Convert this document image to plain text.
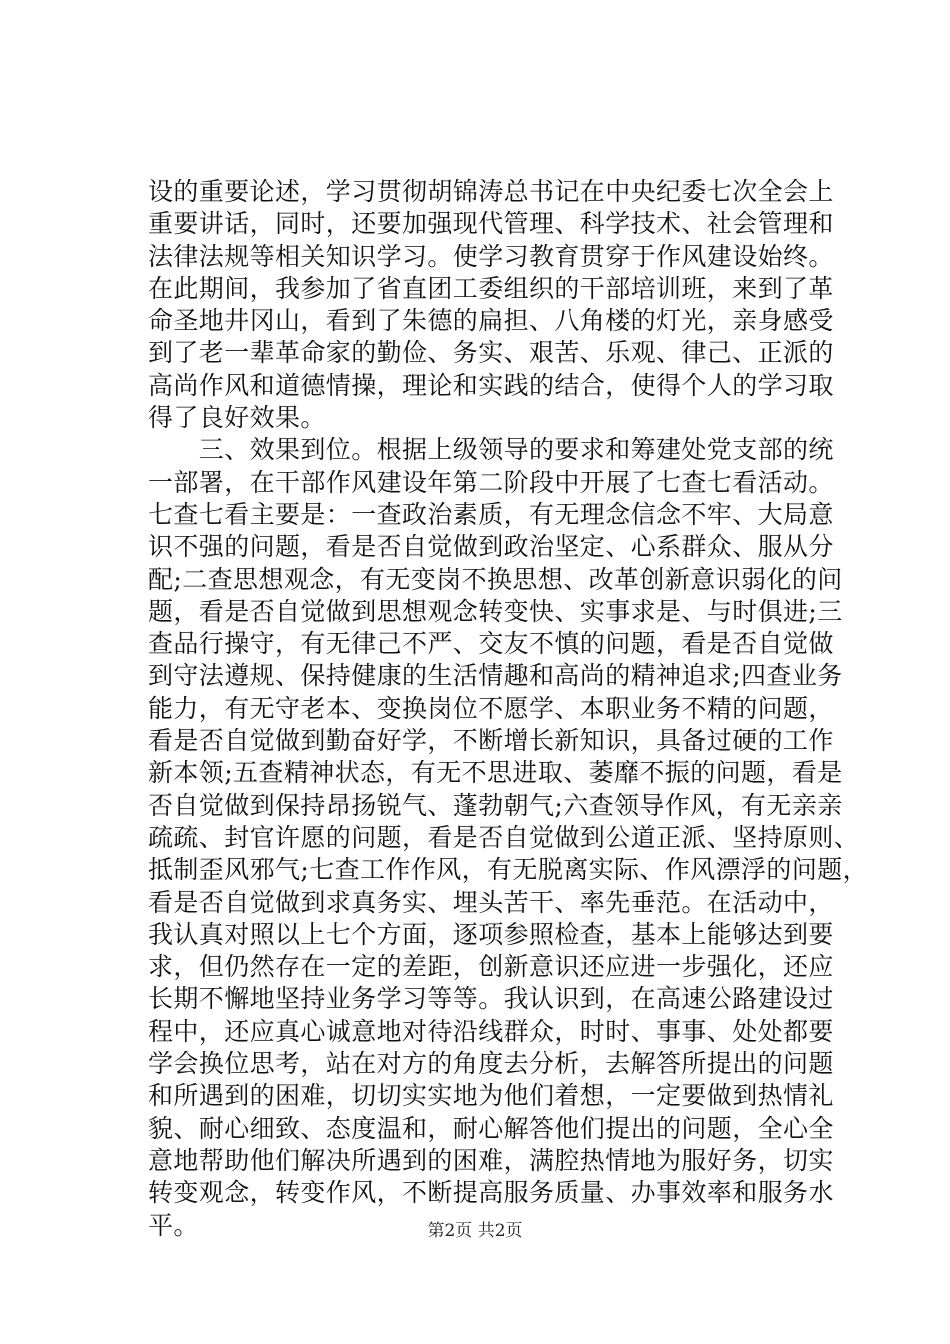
设的重要论述，学习贯彻胡锦涛总书记在中央纪委七次全会上
重要讲话，同时，还要加强现代管理、科学技术、社会管理和
法律法规等相关知识学习。使学习教育贯穿于作风建设始终。
在此期间，我参加了省直团工委组织的干部培训班，来到了革
命圣地井冈山，看到了朱德的扁担、八角楼的灯光，亲身感受
到了老一辈革命家的勤俭、务实、艰苦、乐观、律己、正派的
高尚作风和道德情操，理论和实践的结合，使得个人的学习取
得了良好效果。
　　三、效果到位。根据上级领导的要求和筹建处党支部的统
一部署，在干部作风建设年第二阶段中开展了七查七看活动。
七查七看主要是：一查政治素质，有无理念信念不牢、大局意
识不强的问题，看是否自觉做到政治坚定、心系群众、服从分
配;二查思想观念，有无变岗不换思想、改革创新意识弱化的问
题，看是否自觉做到思想观念转变快、实事求是、与时俱进;三
查品行操守，有无律己不严、交友不慎的问题，看是否自觉做
到守法遵规、保持健康的生活情趣和高尚的精神追求;四查业务
能力，有无守老本、变换岗位不愿学、本职业务不精的问题，
看是否自觉做到勤奋好学，不断增长新知识，具备过硬的工作
新本领;五查精神状态，有无不思进取、萎靡不振的问题，看是
否自觉做到保持昂扬锐气、蓬勃朝气;六查领导作风，有无亲亲
疏疏、封官许愿的问题，看是否自觉做到公道正派、坚持原则、
抵制歪风邪气;七查工作作风，有无脱离实际、作风漂浮的问题，
看是否自觉做到求真务实、埋头苦干、率先垂范。在活动中，
我认真对照以上七个方面，逐项参照检查，基本上能够达到要
求，但仍然存在一定的差距，创新意识还应进一步强化，还应
长期不懈地坚持业务学习等等。我认识到，在高速公路建设过
程中，还应真心诚意地对待沿线群众，时时、事事、处处都要
学会换位思考，站在对方的角度去分析，去解答所提出的问题
和所遇到的困难，切切实实地为他们着想，一定要做到热情礼
貌、耐心细致、态度温和，耐心解答他们提出的问题，全心全
意地帮助他们解决所遇到的困难，满腔热情地为服好务，切实
转变观念，转变作风，不断提高服务质量、办事效率和服务水
平。	第2页 共2页
